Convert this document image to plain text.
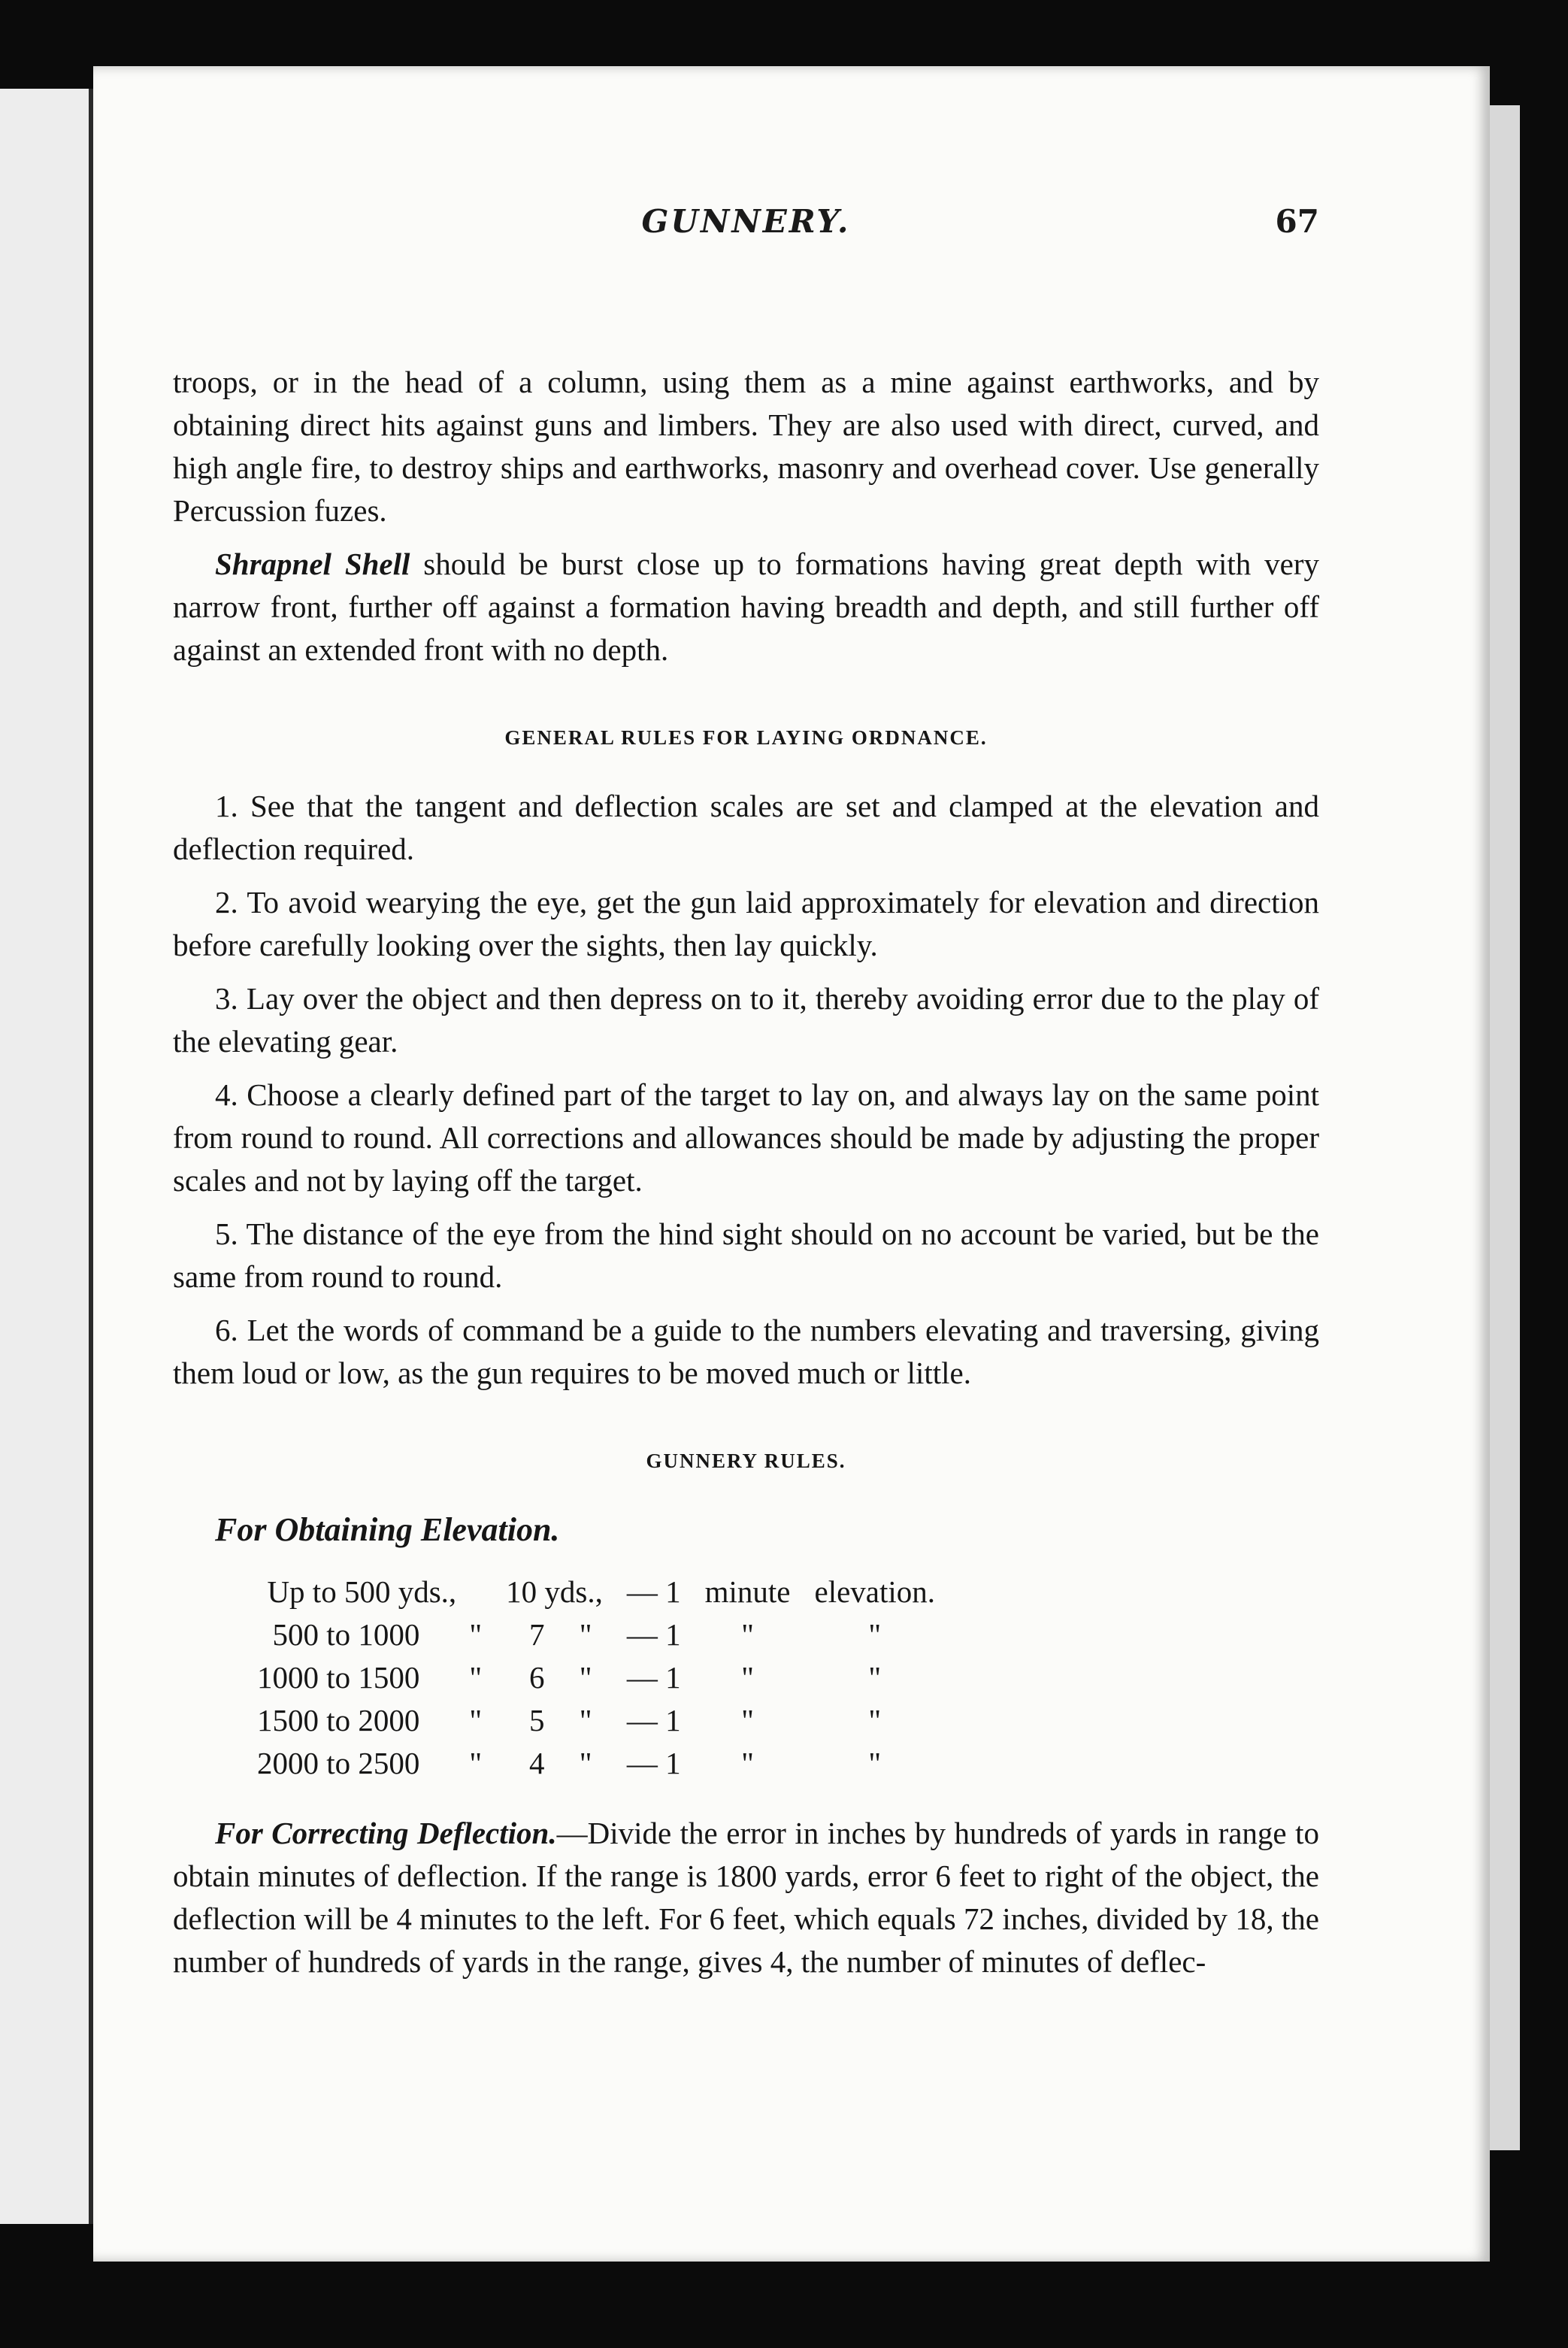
GUNNERY.	67

troops, or in the head of a column, using them as a mine against earthworks, and by obtaining direct hits against guns and limbers. They are also used with direct, curved, and high angle fire, to destroy ships and earthworks, masonry and overhead cover. Use generally Percussion fuzes.

Shrapnel Shell should be burst close up to formations having great depth with very narrow front, further off against a formation having breadth and depth, and still further off against an extended front with no depth.

GENERAL RULES FOR LAYING ORDNANCE.

1. See that the tangent and deflection scales are set and clamped at the elevation and deflection required.

2. To avoid wearying the eye, get the gun laid approximately for elevation and direction before carefully looking over the sights, then lay quickly.

3. Lay over the object and then depress on to it, thereby avoiding error due to the play of the elevating gear.

4. Choose a clearly defined part of the target to lay on, and always lay on the same point from round to round. All corrections and allowances should be made by adjusting the proper scales and not by laying off the target.

5. The distance of the eye from the hind sight should on no account be varied, but be the same from round to round.

6. Let the words of command be a guide to the numbers elevating and traversing, giving them loud or low, as the gun requires to be moved much or little.

GUNNERY RULES.
For Obtaining Elevation.
Up to 500 yds.,		10 yds.,		— 1	minute	elevation.
500 to 1000	"	7	"	— 1	"	"
1000 to 1500	"	6	"	— 1	"	"
1500 to 2000	"	5	"	— 1	"	"
2000 to 2500	"	4	"	— 1	"	"

For Correcting Deflection.—Divide the error in inches by hundreds of yards in range to obtain minutes of deflection. If the range is 1800 yards, error 6 feet to right of the object, the deflection will be 4 minutes to the left. For 6 feet, which equals 72 inches, divided by 18, the number of hundreds of yards in the range, gives 4, the number of minutes of deflec-
